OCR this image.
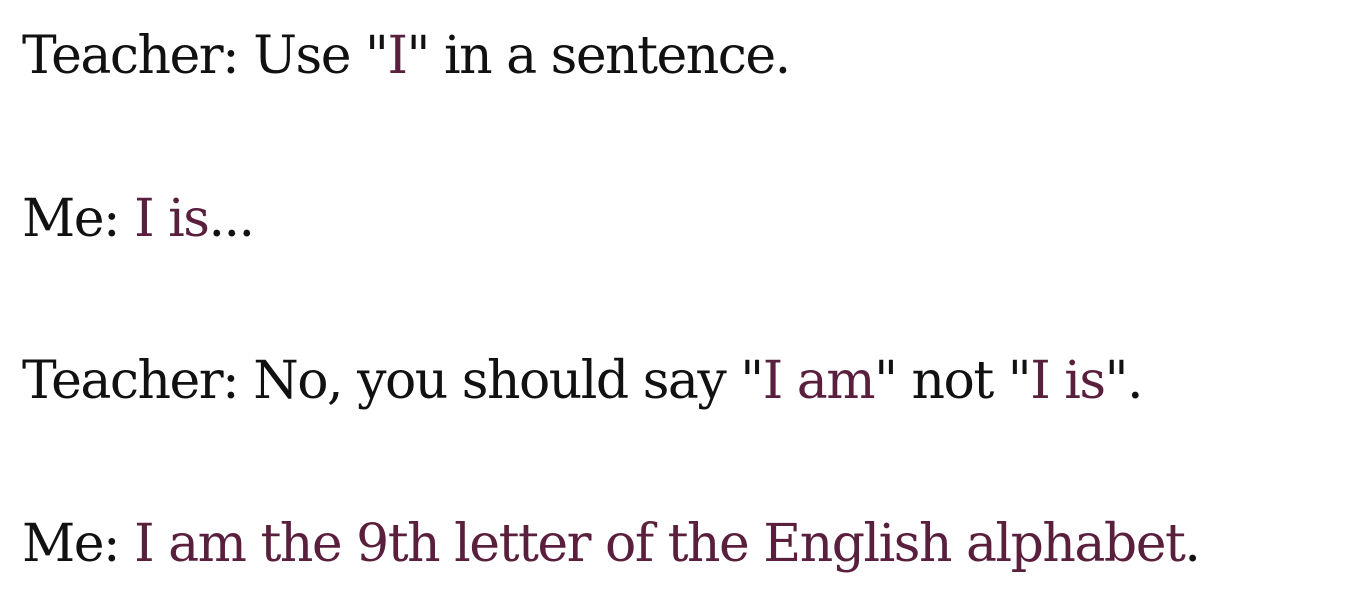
Teacher: Use "I" in a sentence.
Me: I is...
Teacher: No, you should say "I am" not "I is".
Me: I am the 9th letter of the English alphabet.
